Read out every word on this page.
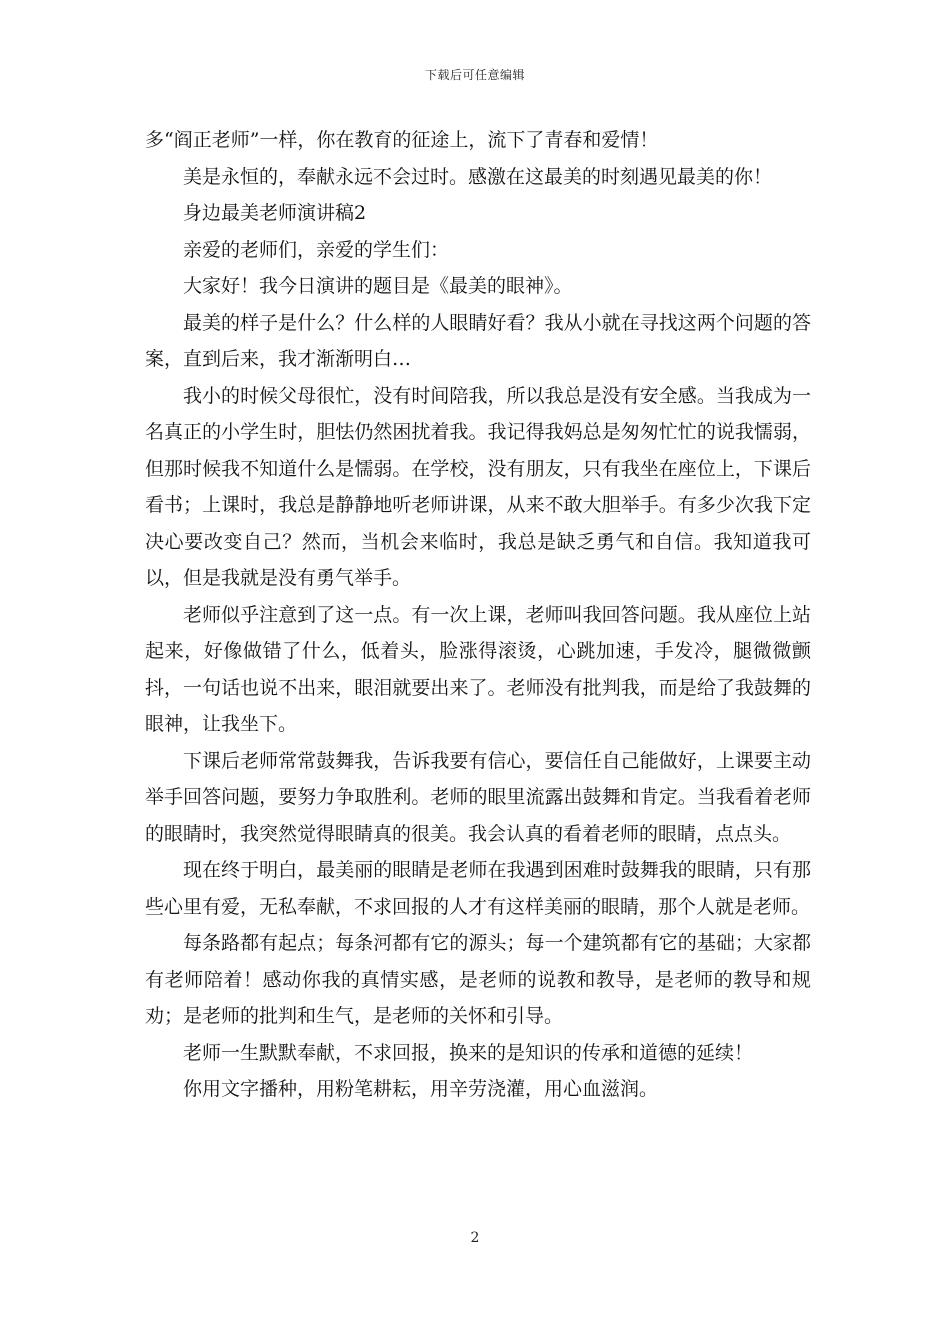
下载后可任意编辑

多“阎正老师”一样，你在教育的征途上，流下了青春和爱情！

美是永恒的，奉献永远不会过时。感激在这最美的时刻遇见最美的你！

身边最美老师演讲稿2

亲爱的老师们，亲爱的学生们：

大家好！我今日演讲的题目是《最美的眼神》。

最美的样子是什么？什么样的人眼睛好看？我从小就在寻找这两个问题的答案，直到后来，我才渐渐明白…

我小的时候父母很忙，没有时间陪我，所以我总是没有安全感。当我成为一名真正的小学生时，胆怯仍然困扰着我。我记得我妈总是匆匆忙忙的说我懦弱，但那时候我不知道什么是懦弱。在学校，没有朋友，只有我坐在座位上，下课后看书；上课时，我总是静静地听老师讲课，从来不敢大胆举手。有多少次我下定决心要改变自己？然而，当机会来临时，我总是缺乏勇气和自信。我知道我可以，但是我就是没有勇气举手。

老师似乎注意到了这一点。有一次上课，老师叫我回答问题。我从座位上站起来，好像做错了什么，低着头，脸涨得滚烫，心跳加速，手发冷，腿微微颤抖，一句话也说不出来，眼泪就要出来了。老师没有批判我，而是给了我鼓舞的眼神，让我坐下。

下课后老师常常鼓舞我，告诉我要有信心，要信任自己能做好，上课要主动举手回答问题，要努力争取胜利。老师的眼里流露出鼓舞和肯定。当我看着老师的眼睛时，我突然觉得眼睛真的很美。我会认真的看着老师的眼睛，点点头。

现在终于明白，最美丽的眼睛是老师在我遇到困难时鼓舞我的眼睛，只有那些心里有爱，无私奉献，不求回报的人才有这样美丽的眼睛，那个人就是老师。

每条路都有起点；每条河都有它的源头；每一个建筑都有它的基础；大家都有老师陪着！感动你我的真情实感，是老师的说教和教导，是老师的教导和规劝；是老师的批判和生气，是老师的关怀和引导。

老师一生默默奉献，不求回报，换来的是知识的传承和道德的延续！

你用文字播种，用粉笔耕耘，用辛劳浇灌，用心血滋润。

2
